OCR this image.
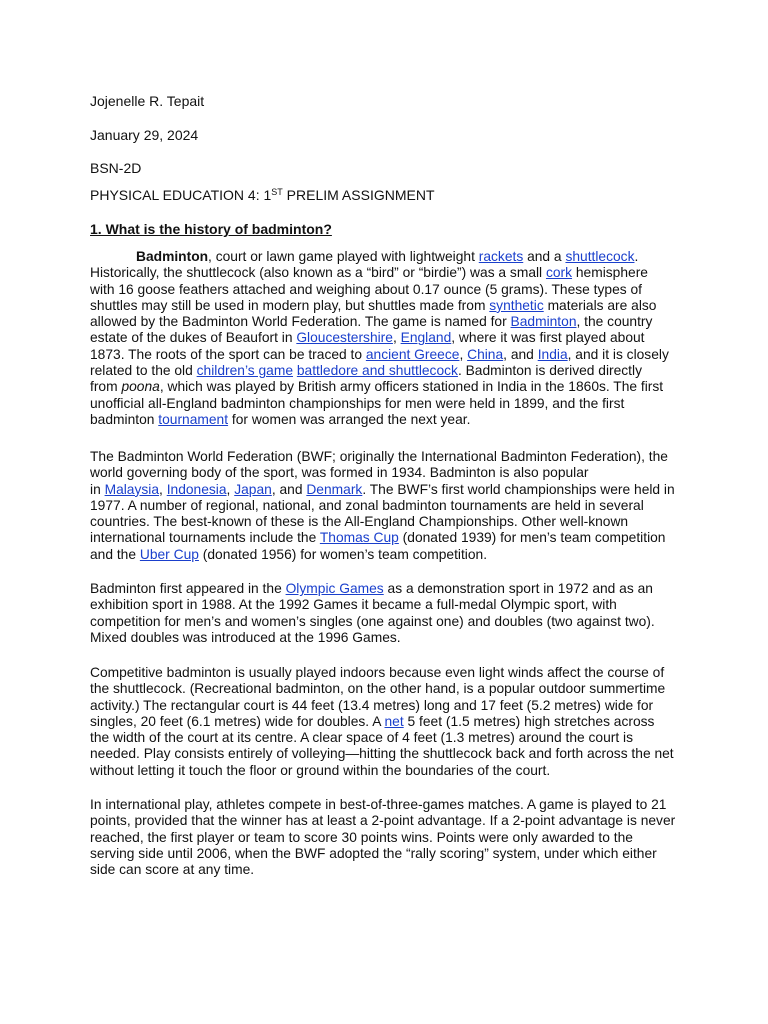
Jojenelle R. Tepait
January 29, 2024
BSN-2D
PHYSICAL EDUCATION 4: 1ST PRELIM ASSIGNMENT
1. What is the history of badminton?
Badminton, court or lawn game played with lightweight rackets and a shuttlecock.
Historically, the shuttlecock (also known as a “bird” or “birdie”) was a small cork hemisphere
with 16 goose feathers attached and weighing about 0.17 ounce (5 grams). These types of
shuttles may still be used in modern play, but shuttles made from synthetic materials are also
allowed by the Badminton World Federation. The game is named for Badminton, the country
estate of the dukes of Beaufort in Gloucestershire, England, where it was first played about
1873. The roots of the sport can be traced to ancient Greece, China, and India, and it is closely
related to the old children’s game battledore and shuttlecock. Badminton is derived directly
from poona, which was played by British army officers stationed in India in the 1860s. The first
unofficial all-England badminton championships for men were held in 1899, and the first
badminton tournament for women was arranged the next year.
The Badminton World Federation (BWF; originally the International Badminton Federation), the
world governing body of the sport, was formed in 1934. Badminton is also popular
in Malaysia, Indonesia, Japan, and Denmark. The BWF’s first world championships were held in
1977. A number of regional, national, and zonal badminton tournaments are held in several
countries. The best-known of these is the All-England Championships. Other well-known
international tournaments include the Thomas Cup (donated 1939) for men’s team competition
and the Uber Cup (donated 1956) for women’s team competition.
Badminton first appeared in the Olympic Games as a demonstration sport in 1972 and as an
exhibition sport in 1988. At the 1992 Games it became a full-medal Olympic sport, with
competition for men’s and women’s singles (one against one) and doubles (two against two).
Mixed doubles was introduced at the 1996 Games.
Competitive badminton is usually played indoors because even light winds affect the course of
the shuttlecock. (Recreational badminton, on the other hand, is a popular outdoor summertime
activity.) The rectangular court is 44 feet (13.4 metres) long and 17 feet (5.2 metres) wide for
singles, 20 feet (6.1 metres) wide for doubles. A net 5 feet (1.5 metres) high stretches across
the width of the court at its centre. A clear space of 4 feet (1.3 metres) around the court is
needed. Play consists entirely of volleying—hitting the shuttlecock back and forth across the net
without letting it touch the floor or ground within the boundaries of the court.
In international play, athletes compete in best-of-three-games matches. A game is played to 21
points, provided that the winner has at least a 2-point advantage. If a 2-point advantage is never
reached, the first player or team to score 30 points wins. Points were only awarded to the
serving side until 2006, when the BWF adopted the “rally scoring” system, under which either
side can score at any time.
